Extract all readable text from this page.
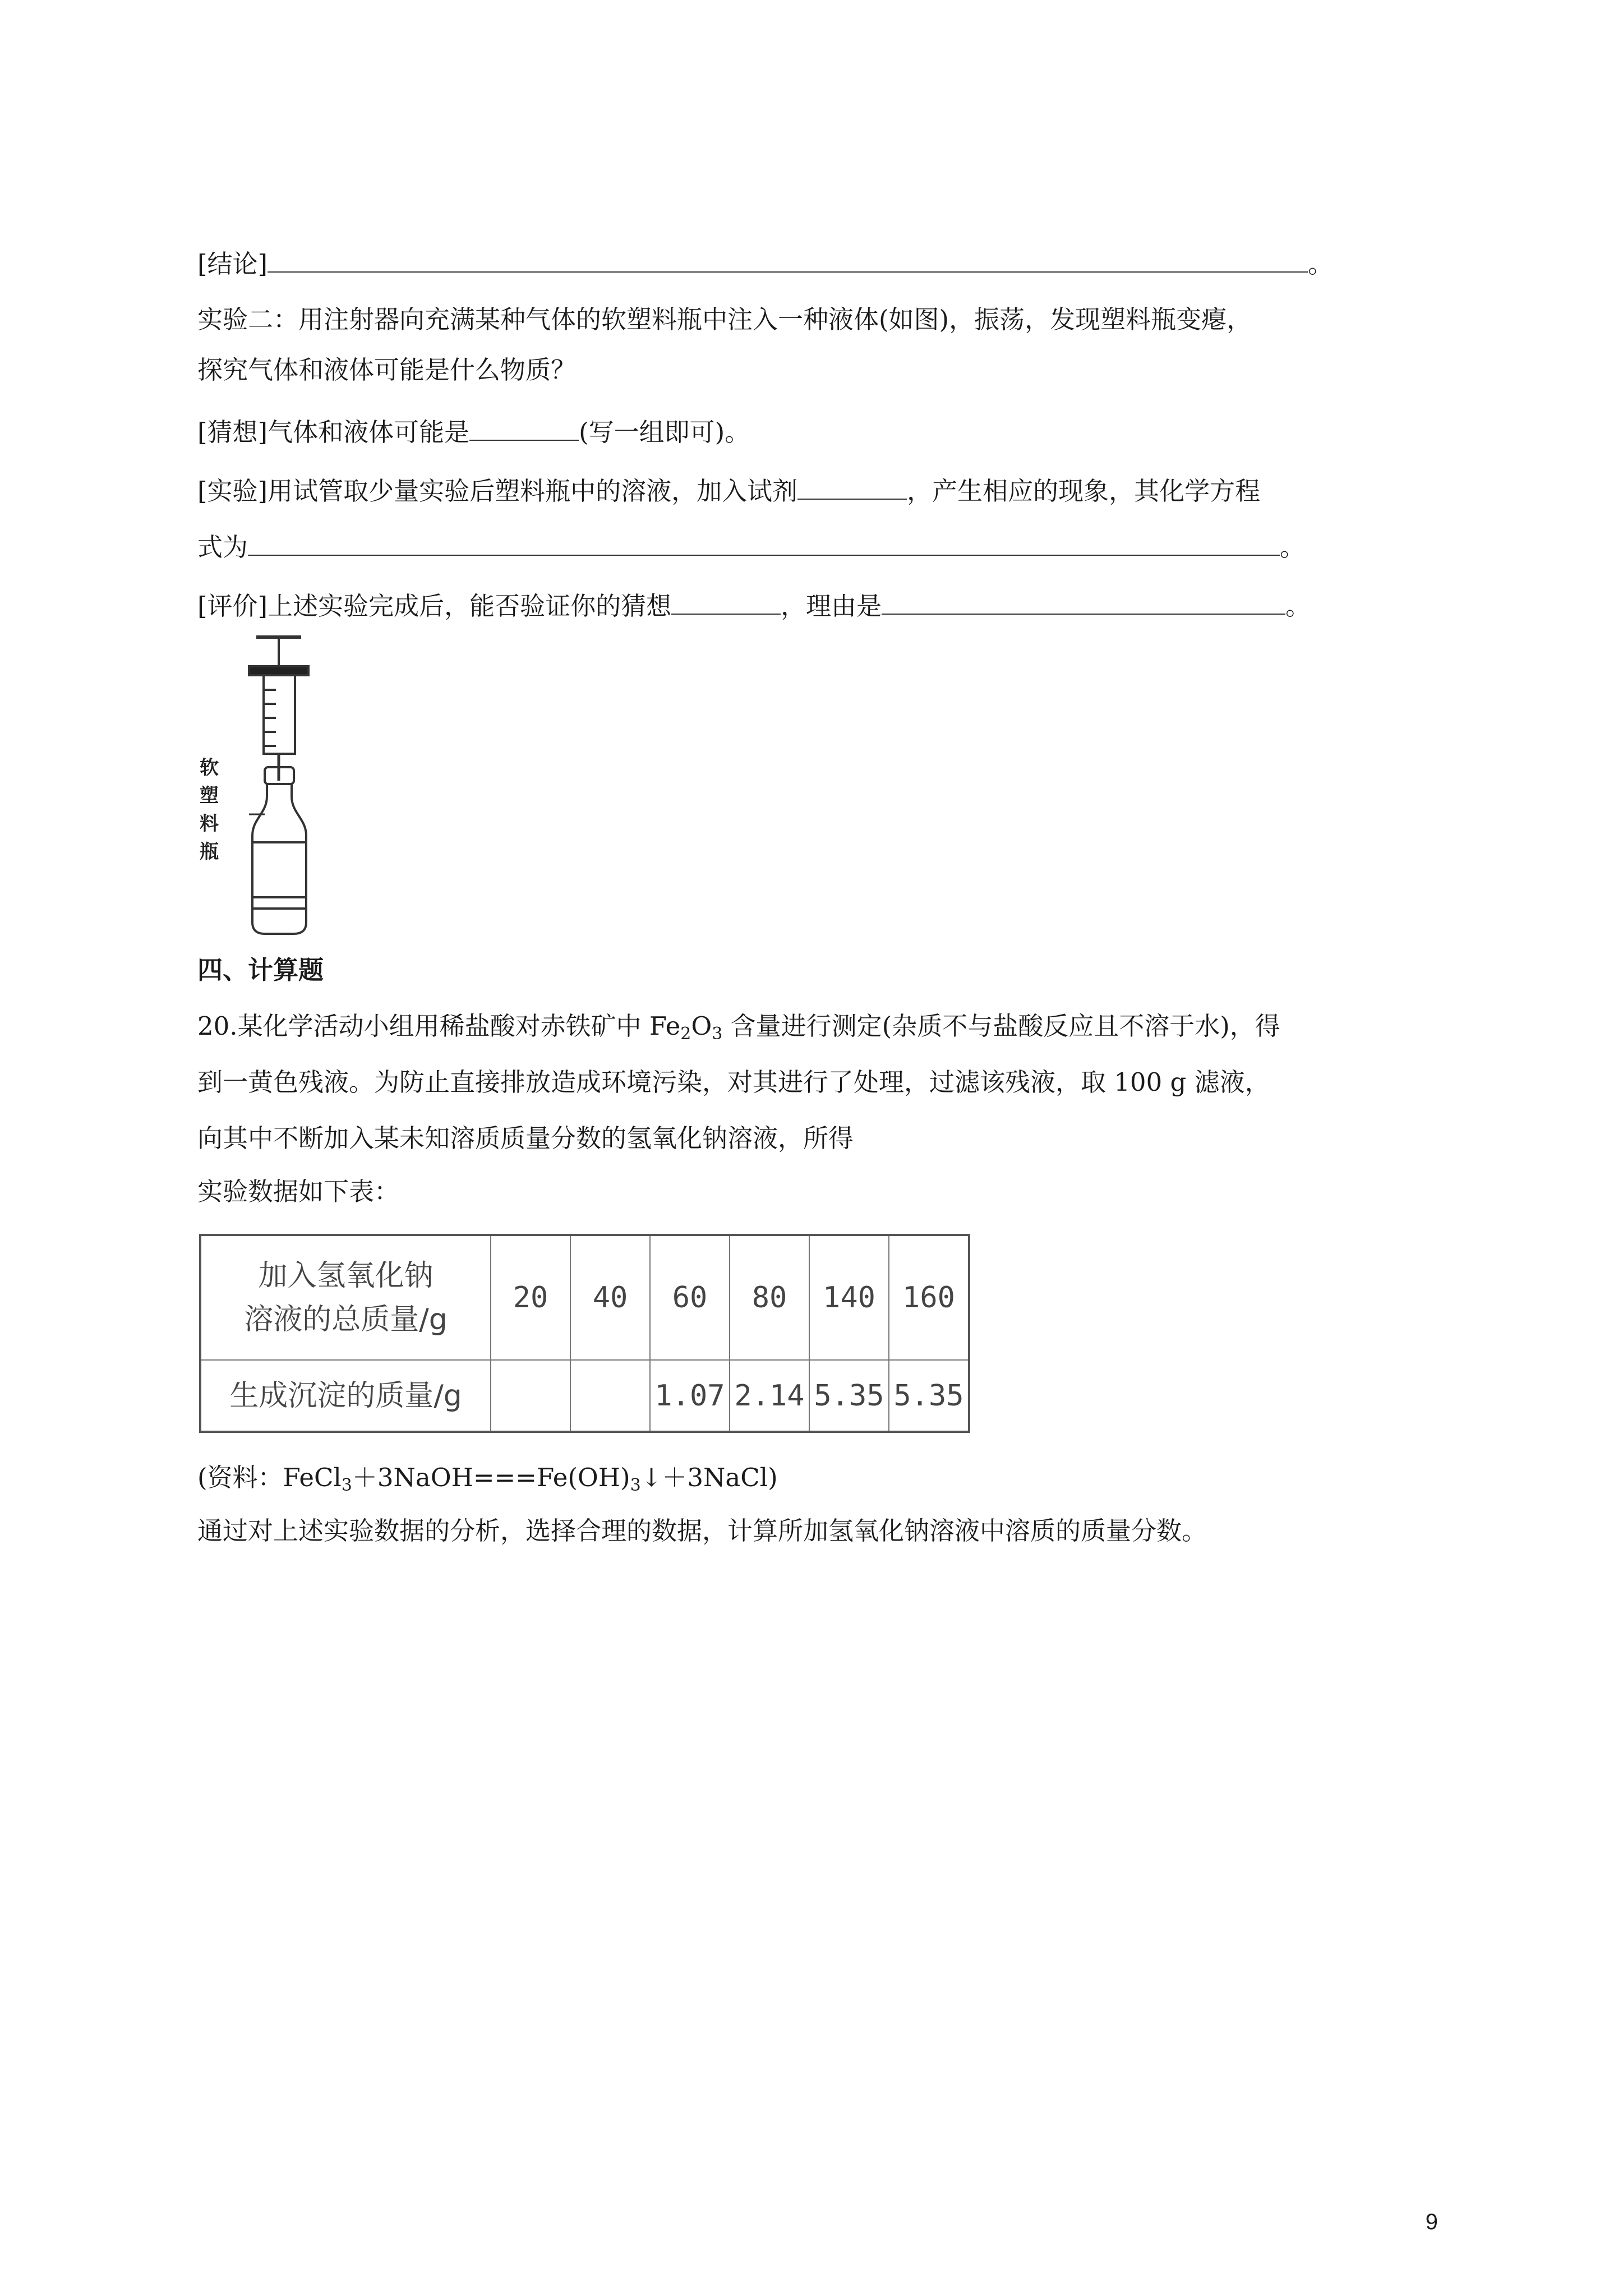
[结论]	。
实验二：用注射器向充满某种气体的软塑料瓶中注入一种液体(如图)，振荡，发现塑料瓶变瘪，
探究气体和液体可能是什么物质？
[猜想]气体和液体可能是	(写一组即可)。
[实验]用试管取少量实验后塑料瓶中的溶液，加入试剂	，产生相应的现象，其化学方程
式为	。
[评价]上述实验完成后，能否验证你的猜想	，理由是	。
软
塑
料
瓶
四、计算题
20.某化学活动小组用稀盐酸对赤铁矿中 $Fe_2O_3$ 含量进行测定(杂质不与盐酸反应且不溶于水)，得
到一黄色残液。为防止直接排放造成环境污染，对其进行了处理，过滤该残液，取 100 g 滤液，
向其中不断加入某未知溶质质量分数的氢氧化钠溶液，所得
实验数据如下表：
加入氢氧化钠
溶液的总质量/g	20	40	60	80	140	160
生成沉淀的质量/g			1.07	2.14	5.35	5.35
(资料：$FeCl_3+3NaOH===Fe(OH)_3↓+3NaCl$)
通过对上述实验数据的分析，选择合理的数据，计算所加氢氧化钠溶液中溶质的质量分数。
9
